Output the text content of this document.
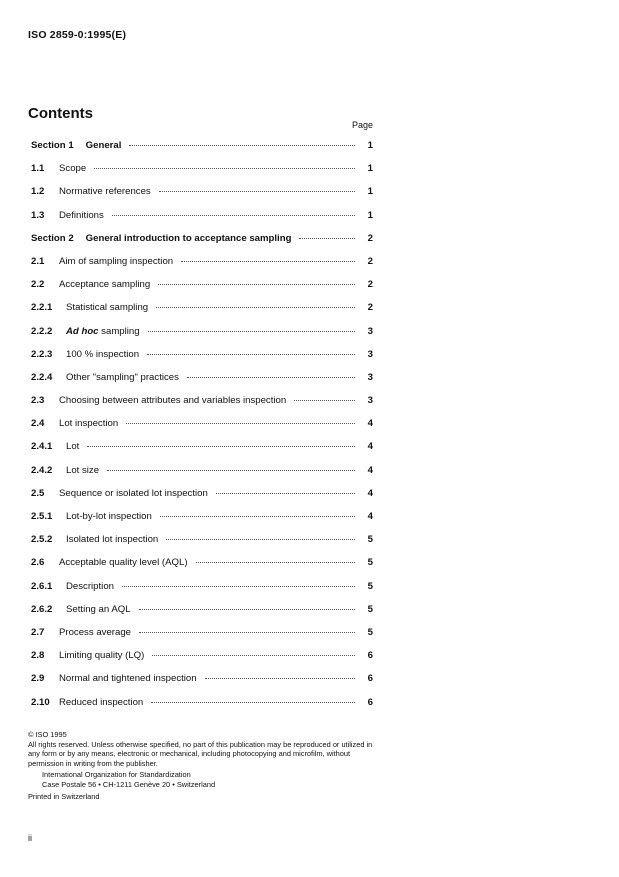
ISO 2859-0:1995(E)
Contents
Page
Section 1 General	1
1.1	Scope	1
1.2	Normative references	1
1.3	Definitions	1
Section 2 General introduction to acceptance sampling	2
2.1	Aim of sampling inspection	2
2.2	Acceptance sampling	2
2.2.1	Statistical sampling	2
2.2.2	Ad hoc sampling	3
2.2.3	100 % inspection	3
2.2.4	Other "sampling" practices	3
2.3	Choosing between attributes and variables inspection	3
2.4	Lot inspection	4
2.4.1	Lot	4
2.4.2	Lot size	4
2.5	Sequence or isolated lot inspection	4
2.5.1	Lot-by-lot inspection	4
2.5.2	Isolated lot inspection	5
2.6	Acceptable quality level (AQL)	5
2.6.1	Description	5
2.6.2	Setting an AQL	5
2.7	Process average	5
2.8	Limiting quality (LQ)	6
2.9	Normal and tightened inspection	6
2.10 Reduced inspection	6
© ISO 1995
All rights reserved. Unless otherwise specified, no part of this publication may be reproduced or utilized in any form or by any means, electronic or mechanical, including photocopying and microfilm, without permission in writing from the publisher.
International Organization for Standardization
Case Postale 56 • CH-1211 Genève 20 • Switzerland
Printed in Switzerland
ii
